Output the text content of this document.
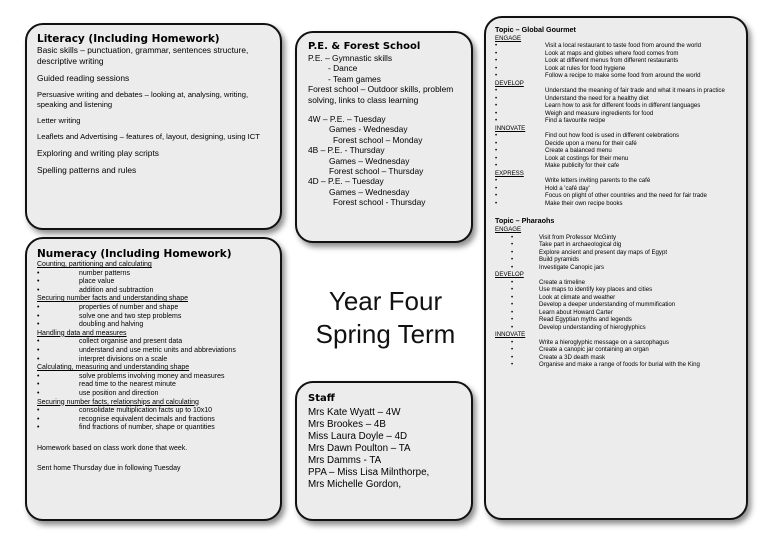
Literacy (Including Homework)
Basic skills – punctuation, grammar, sentences structure, descriptive writing
Guided reading sessions
Persuasive writing and debates – looking at, analysing, writing, speaking and listening
Letter writing
Leaflets and Advertising – features of, layout, designing, using ICT
Exploring and writing play scripts
Spelling patterns and rules
Numeracy (Including Homework)
Counting, partitioning and calculating
• number patterns
• place value
• addition and subtraction
Securing number facts and understanding shape
• properties of number and shape
• solve one and two step problems
• doubling and halving
Handling data and measures
• collect organise and present data
• understand and use metric units and abbreviations
• interpret divisions on a scale
Calculating, measuring and understanding shape
• solve problems involving money and measures
• read time to the nearest minute
• use position and direction
Securing number facts, relationships and calculating
• consolidate multiplication facts up to 10x10
• recognise equivalent decimals and fractions
• find fractions of number, shape or quantities
Homework based on class work done that week.
Sent home Thursday due in following Tuesday
P.E. & Forest School
P.E. – Gymnastic skills
- Dance
- Team games
Forest school – Outdoor skills, problem solving, links to class learning
4W – P.E. – Tuesday
Games - Wednesday
Forest school – Monday
4B – P.E. - Thursday
Games – Wednesday
Forest school – Thursday
4D – P.E. – Tuesday
Games – Wednesday
Forest school - Thursday
Year Four
Spring Term
Staff
Mrs Kate Wyatt – 4W
Mrs Brookes – 4B
Miss Laura Doyle – 4D
Mrs Dawn Poulton – TA
Mrs Damms - TA
PPA – Miss Lisa Milnthorpe,
Mrs Michelle Gordon,
Topic – Global Gourmet
ENGAGE
• Visit a local restaurant to taste food from around the world
• Look at maps and globes where food comes from
• Look at different menus from different restaurants
• Look at rules for food hygiene
• Follow a recipe to make some food from around the world
DEVELOP
• Understand the meaning of fair trade and what it means in practice
• Understand the need for a healthy diet
• Learn how to ask for different foods in different languages
• Weigh and measure ingredients for food
• Find a favourite recipe
INNOVATE
• Find out how food is used in different celebrations
• Decide upon a menu for their café
• Create a balanced menu
• Look at costings for their menu
• Make publicity for their cafe
EXPRESS
• Write letters inviting parents to the café
• Hold a 'café day'
• Focus on plight of other countries and the need for fair trade
• Make their own recipe books
Topic – Pharaohs
ENGAGE
• Visit from Professor McGinty
• Take part in archaeological dig
• Explore ancient and present day maps of Egypt
• Build pyramids
• Investigate Canopic jars
DEVELOP
• Create a timeline
• Use maps to identify key places and cities
• Look at climate and weather
• Develop a deeper understanding of mummification
• Learn about Howard Carter
• Read Egyptian myths and legends
• Develop understanding of hieroglyphics
INNOVATE
• Write a hieroglyphic message on a sarcophagus
• Create a canopic jar containing an organ
• Create a 3D death mask
• Organise and make a range of foods for burial with the King
